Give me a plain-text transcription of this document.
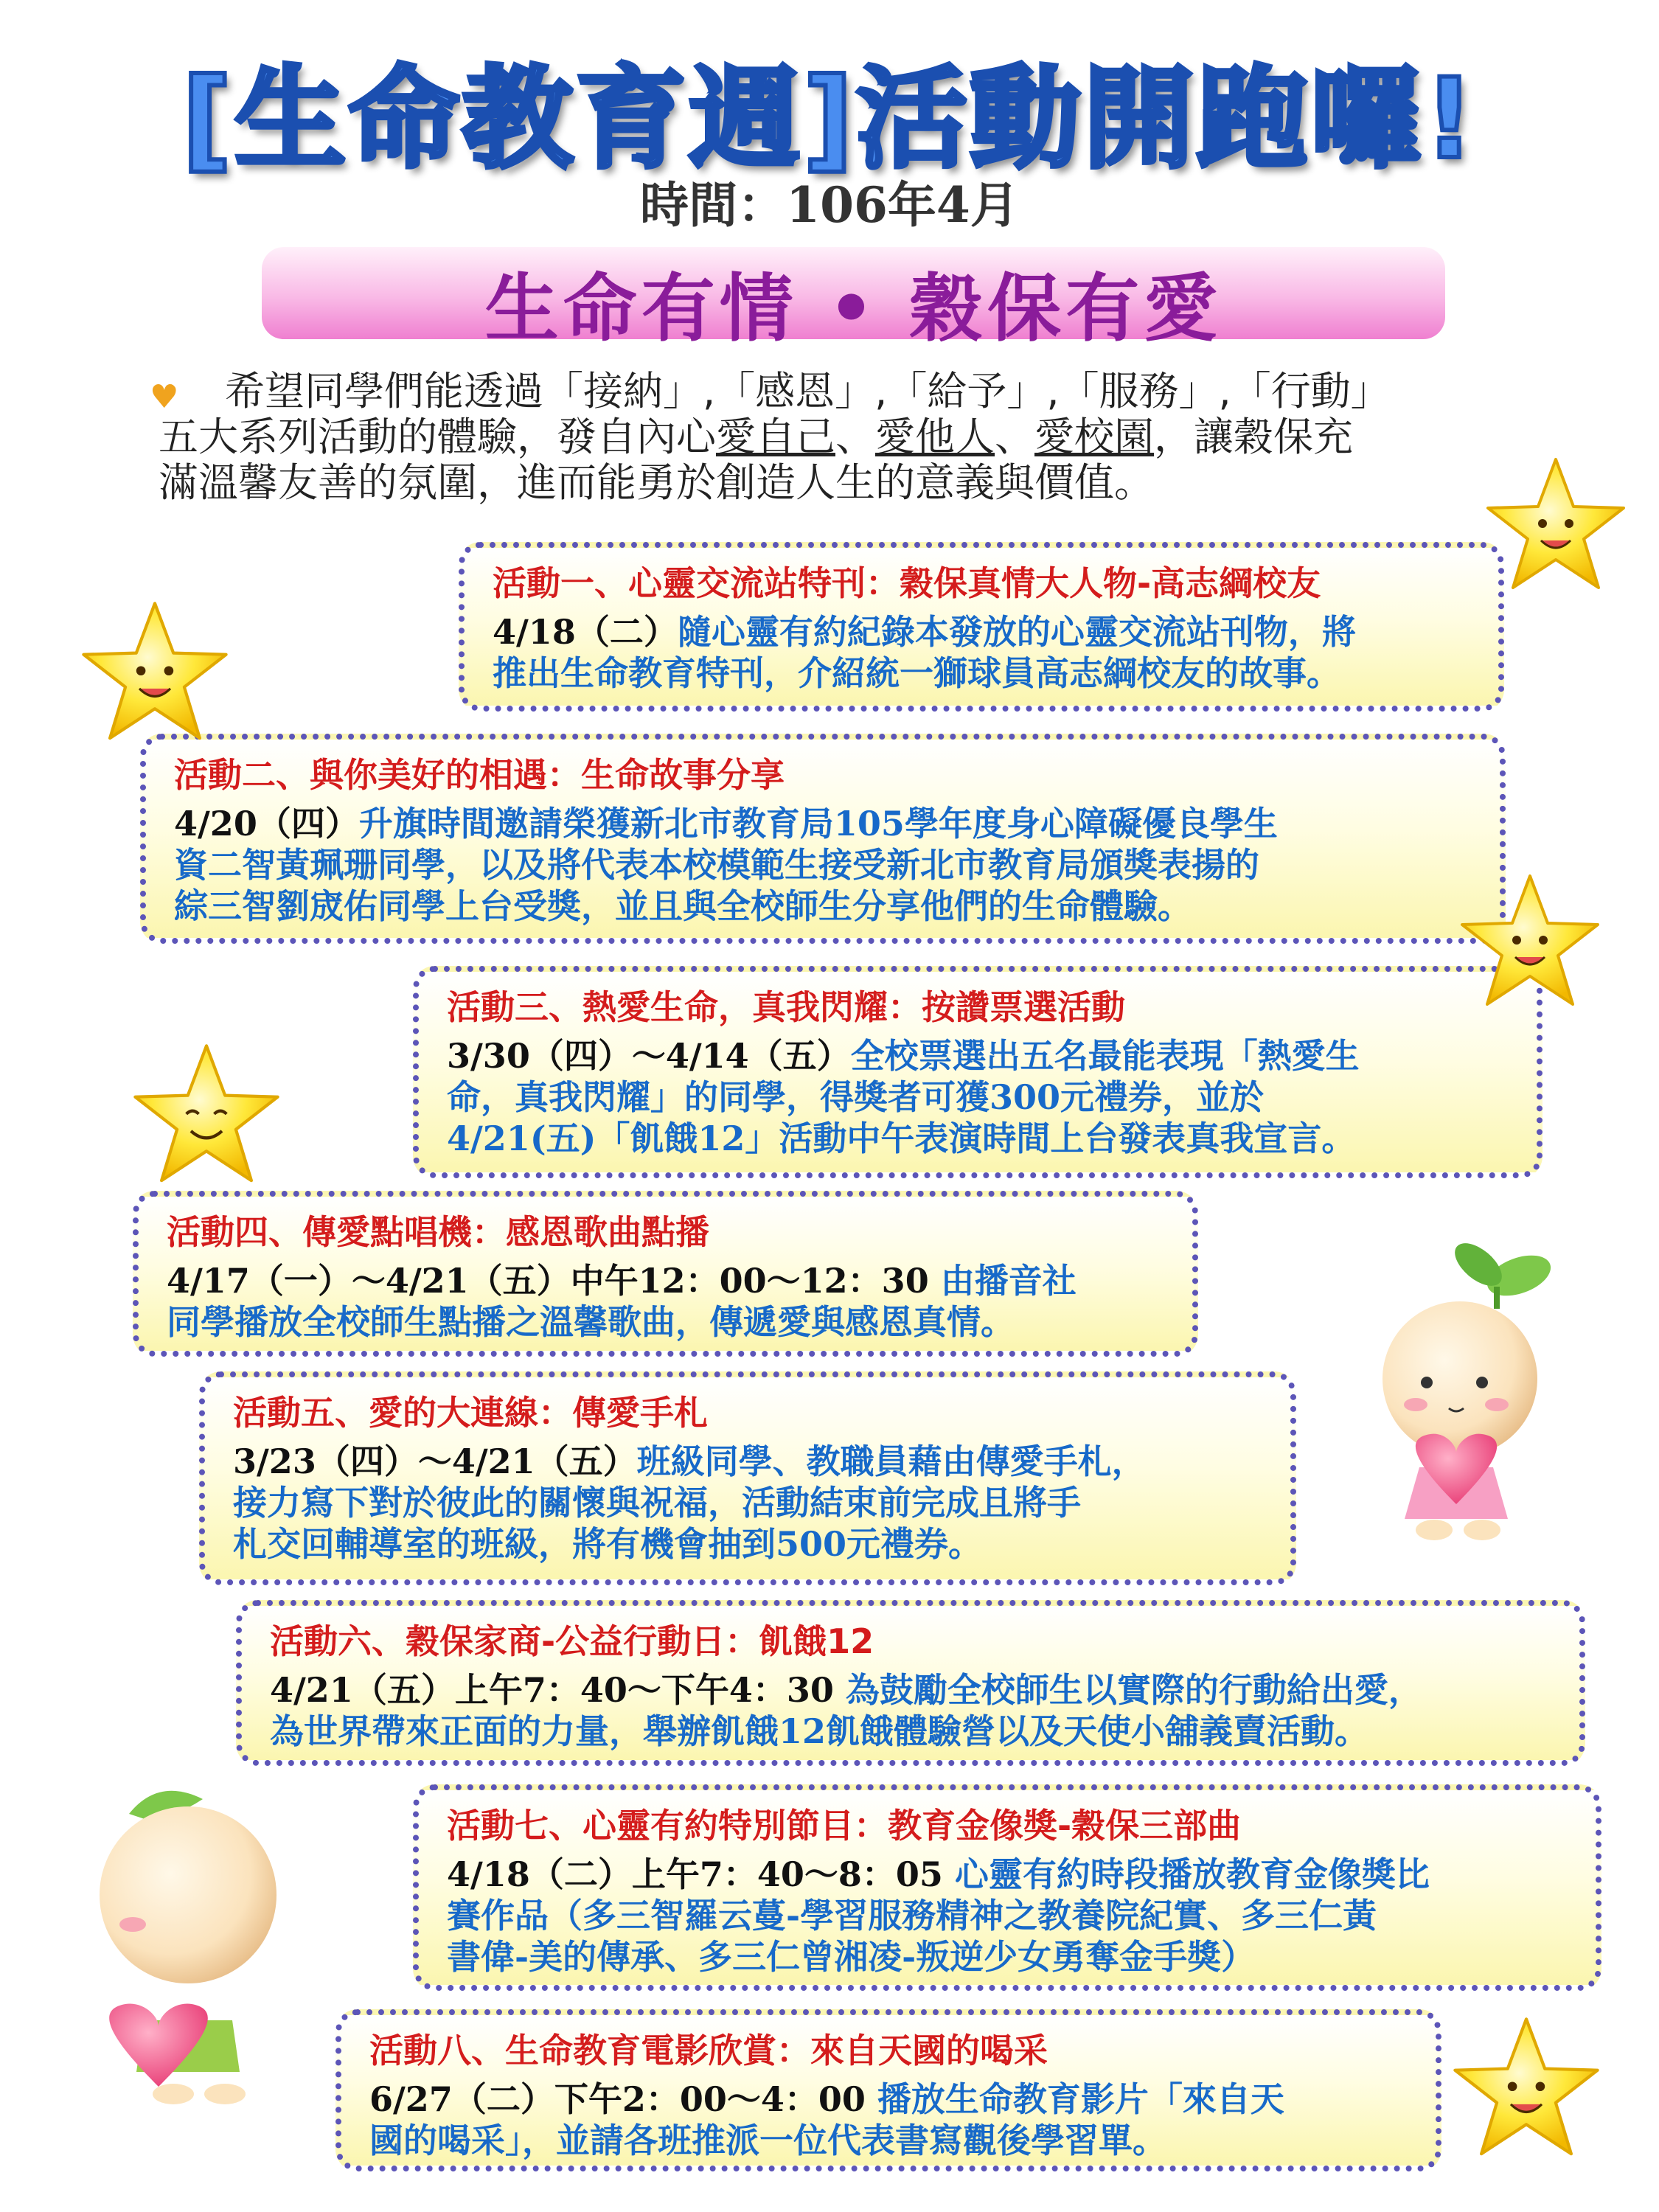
[生命教育週]活動開跑囉!
時間：106年4月
生命有情 • 穀保有愛
♥	希望同學們能透過「接納」,「感恩」,「給予」,「服務」,「行動」
五大系列活動的體驗，發自內心愛自己、愛他人、愛校園，讓穀保充
滿溫馨友善的氛圍，進而能勇於創造人生的意義與價值。
活動一、心靈交流站特刊：穀保真情大人物-高志綱校友
4/18（二）隨心靈有約紀錄本發放的心靈交流站刊物，將
推出生命教育特刊，介紹統一獅球員高志綱校友的故事。
活動二、與你美好的相遇：生命故事分享
4/20（四）升旗時間邀請榮獲新北市教育局105學年度身心障礙優良學生
資二智黃珮珊同學，以及將代表本校模範生接受新北市教育局頒獎表揚的
綜三智劉宬佑同學上台受獎，並且與全校師生分享他們的生命體驗。
活動三、熱愛生命，真我閃耀：按讚票選活動
3/30（四）～4/14（五）全校票選出五名最能表現「熱愛生
命，真我閃耀」的同學，得獎者可獲300元禮券，並於
4/21(五)「飢餓12」活動中午表演時間上台發表真我宣言。
活動四、傳愛點唱機：感恩歌曲點播
4/17（一）～4/21（五）中午12：00～12：30 由播音社
同學播放全校師生點播之溫馨歌曲，傳遞愛與感恩真情。
活動五、愛的大連線：傳愛手札
3/23（四）～4/21（五）班級同學、教職員藉由傳愛手札，
接力寫下對於彼此的關懷與祝福，活動結束前完成且將手
札交回輔導室的班級，將有機會抽到500元禮券。
活動六、穀保家商-公益行動日：飢餓12
4/21（五）上午7：40～下午4：30 為鼓勵全校師生以實際的行動給出愛，
為世界帶來正面的力量，舉辦飢餓12飢餓體驗營以及天使小舖義賣活動。
活動七、心靈有約特別節目：教育金像獎-穀保三部曲
4/18（二）上午7：40～8：05 心靈有約時段播放教育金像獎比
賽作品（多三智羅云蔓-學習服務精神之教養院紀實、多三仁黃
書偉-美的傳承、多三仁曾湘凌-叛逆少女勇奪金手獎）
活動八、生命教育電影欣賞：來自天國的喝采
6/27（二）下午2：00～4：00 播放生命教育影片「來自天
國的喝采」，並請各班推派一位代表書寫觀後學習單。
